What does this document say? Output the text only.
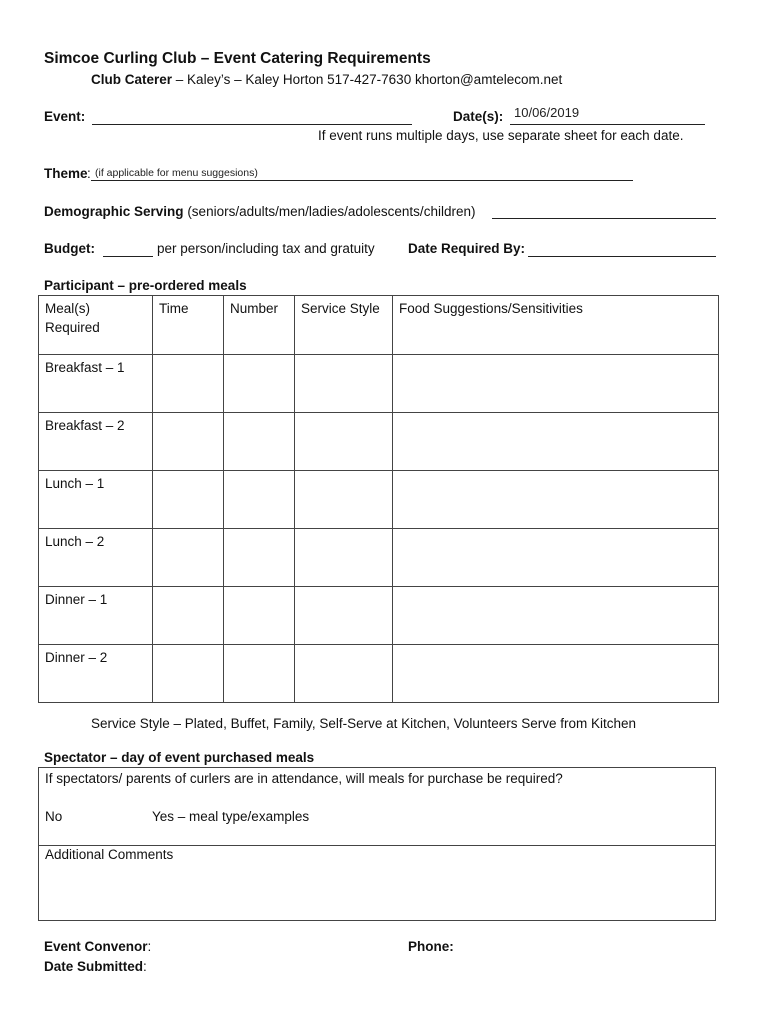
Simcoe Curling Club – Event Catering Requirements
Club Caterer – Kaley’s – Kaley Horton 517-427-7630 khorton@amtelecom.net
Event:	Date(s): 10/06/2019
If event runs multiple days, use separate sheet for each date.
Theme : (if applicable for menu suggesions)
Demographic Serving (seniors/adults/men/ladies/adolescents/children)
Budget:	per person/including tax and gratuity Date Required By:
Participant – pre-ordered meals
Meal(s) Required	Time	Number	Service Style	Food Suggestions/Sensitivities
Breakfast – 1				
Breakfast – 2				
Lunch – 1				
Lunch – 2				
Dinner – 1				
Dinner – 2				
Service Style – Plated, Buffet, Family, Self-Serve at Kitchen, Volunteers Serve from Kitchen
Spectator – day of event purchased meals
If spectators/ parents of curlers are in attendance, will meals for purchase be required?
No	Yes – meal type/examples
Additional Comments
Event Convenor:	Phone:
Date Submitted:
